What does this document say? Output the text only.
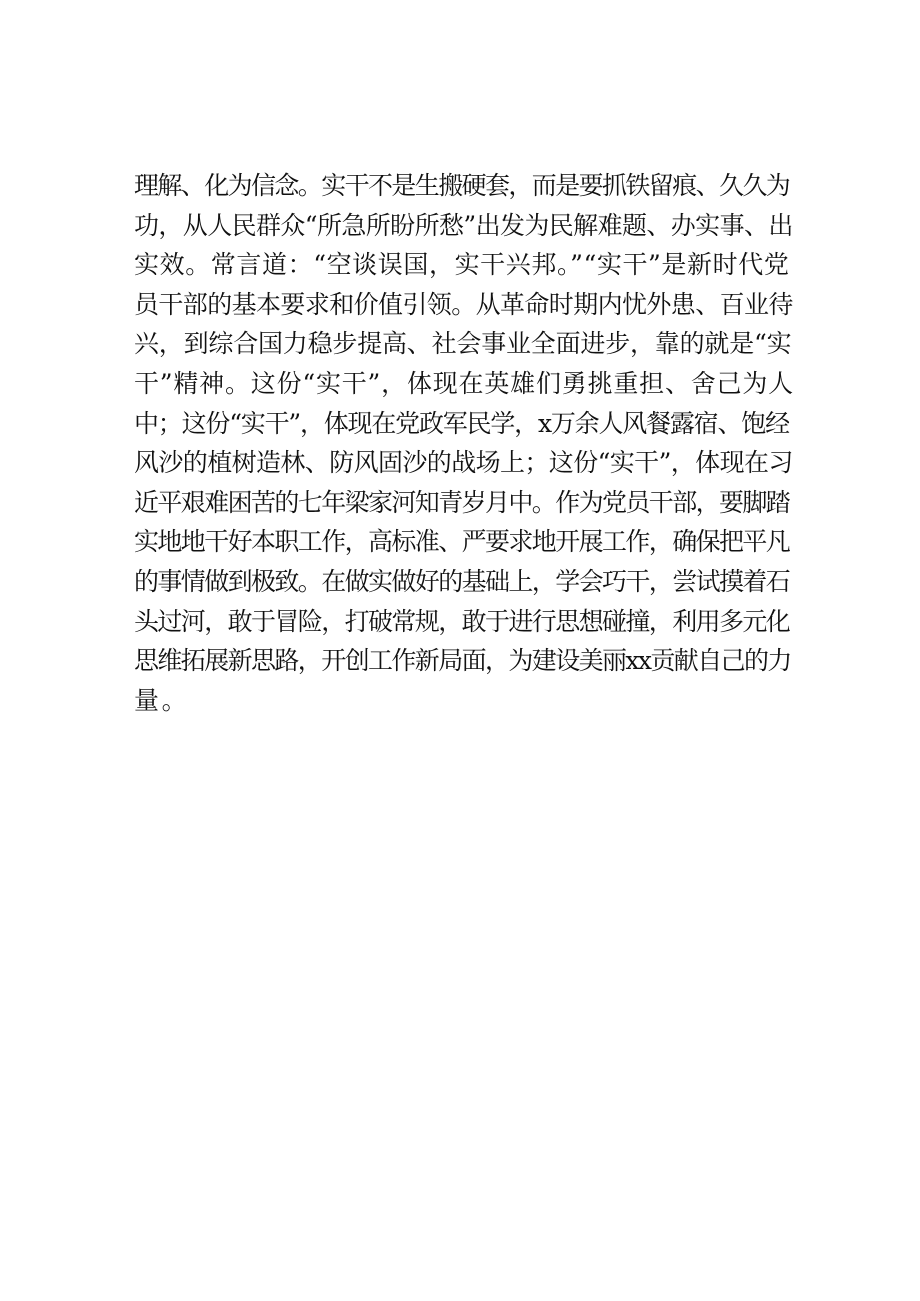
理解、化为信念。实干不是生搬硬套，而是要抓铁留痕、久久为
功，从人民群众“所急所盼所愁”出发为民解难题、办实事、出
实效。常言道：“空谈误国，实干兴邦。”“实干”是新时代党
员干部的基本要求和价值引领。从革命时期内忧外患、百业待
兴，到综合国力稳步提高、社会事业全面进步，靠的就是“实
干”精神。这份“实干”，体现在英雄们勇挑重担、舍己为人
中；这份“实干”，体现在党政军民学，x万余人风餐露宿、饱经
风沙的植树造林、防风固沙的战场上；这份“实干”，体现在习
近平艰难困苦的七年梁家河知青岁月中。作为党员干部，要脚踏
实地地干好本职工作，高标准、严要求地开展工作，确保把平凡
的事情做到极致。在做实做好的基础上，学会巧干，尝试摸着石
头过河，敢于冒险，打破常规，敢于进行思想碰撞，利用多元化
思维拓展新思路，开创工作新局面，为建设美丽xx贡献自己的力
量。
